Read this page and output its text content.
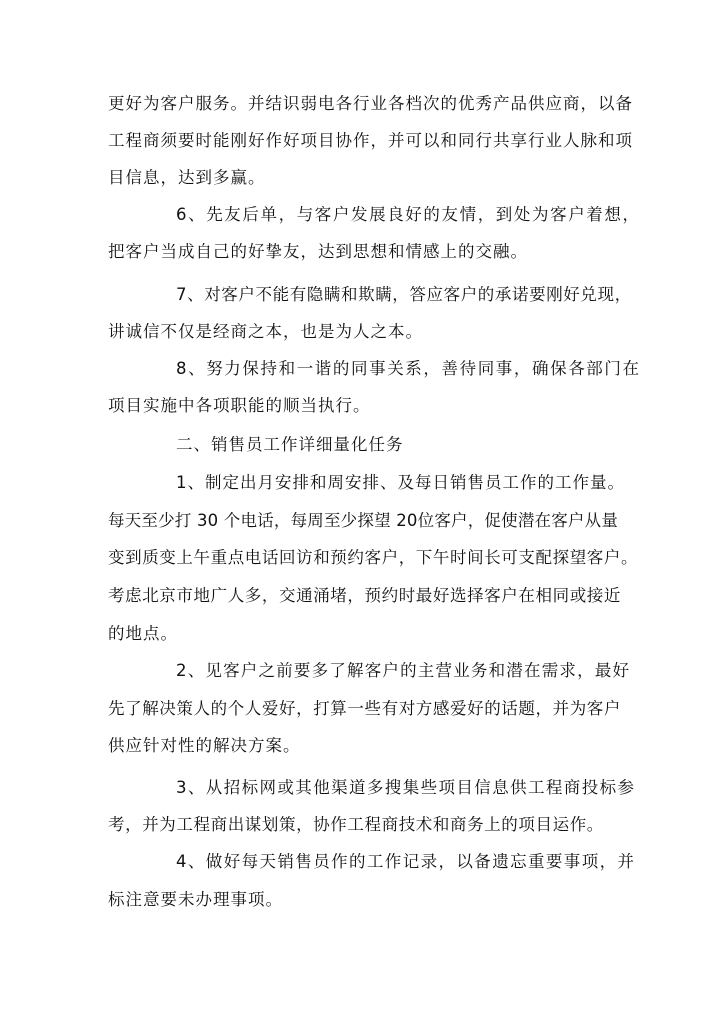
更好为客户服务。并结识弱电各行业各档次的优秀产品供应商，以备
工程商须要时能刚好作好项目协作，并可以和同行共享行业人脉和项
目信息，达到多赢。
6、先友后单，与客户发展良好的友情，到处为客户着想，
把客户当成自己的好挚友，达到思想和情感上的交融。
7、对客户不能有隐瞒和欺瞒，答应客户的承诺要刚好兑现，
讲诚信不仅是经商之本，也是为人之本。
8、努力保持和一谐的同事关系，善待同事，确保各部门在
项目实施中各项职能的顺当执行。
二、销售员工作详细量化任务
1、制定出月安排和周安排、及每日销售员工作的工作量。
每天至少打 30 个电话，每周至少探望 20位客户，促使潜在客户从量
变到质变上午重点电话回访和预约客户，下午时间长可支配探望客户。
考虑北京市地广人多，交通涌堵，预约时最好选择客户在相同或接近
的地点。
2、见客户之前要多了解客户的主营业务和潜在需求，最好
先了解决策人的个人爱好，打算一些有对方感爱好的话题，并为客户
供应针对性的解决方案。
3、从招标网或其他渠道多搜集些项目信息供工程商投标参
考，并为工程商出谋划策，协作工程商技术和商务上的项目运作。
4、做好每天销售员作的工作记录，以备遗忘重要事项，并
标注意要未办理事项。
